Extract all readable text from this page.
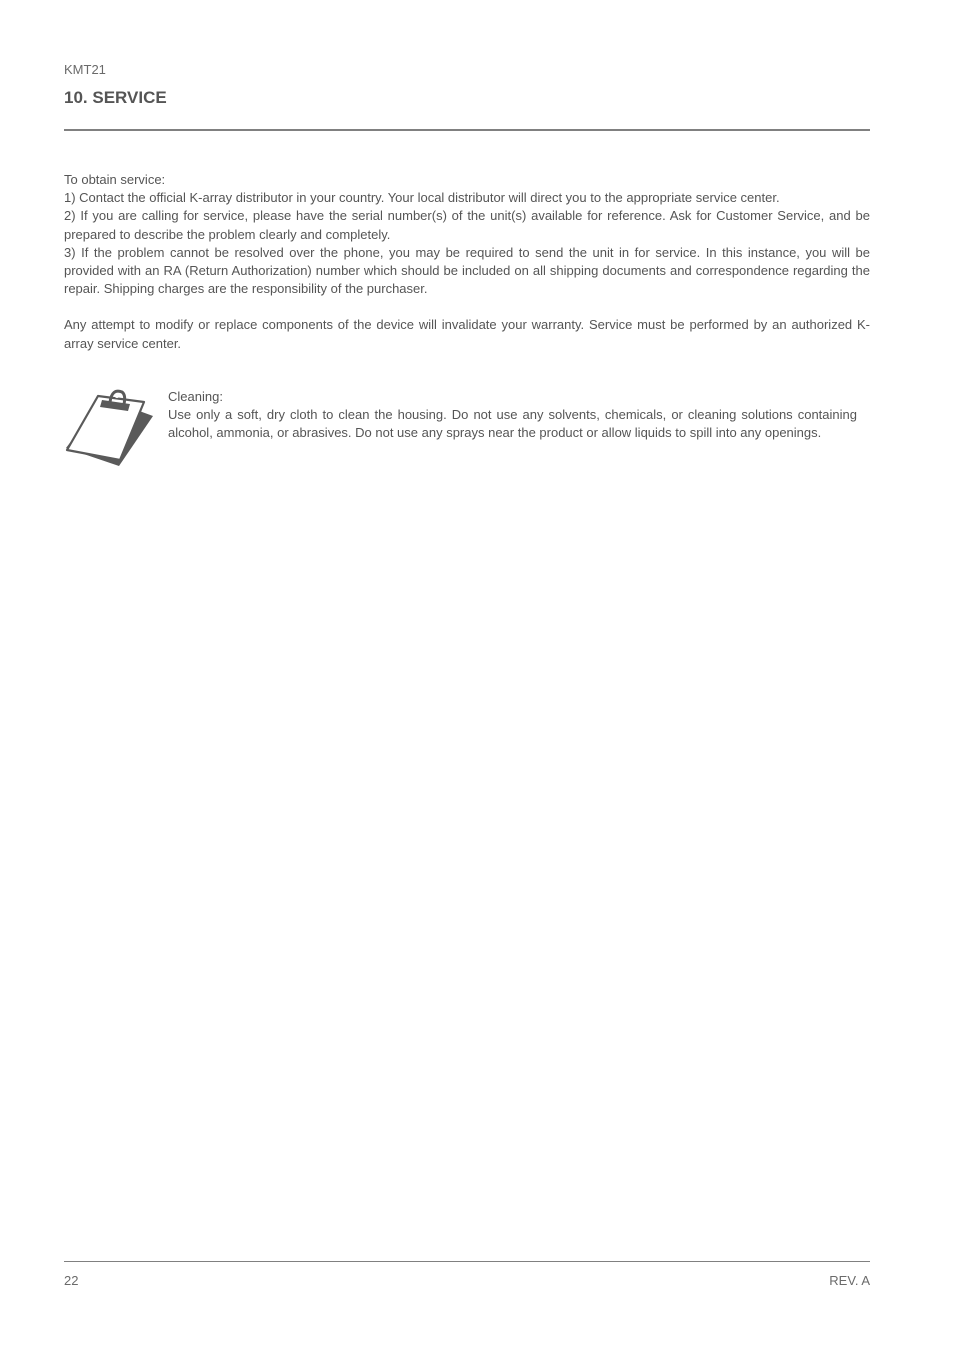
KMT21
10. SERVICE

To obtain service:

1) Contact the official K-array distributor in your country. Your local distributor will direct you to the appropriate service center.

2) If you are calling for service, please have the serial number(s) of the unit(s) available for reference. Ask for Customer Service, and be prepared to describe the problem clearly and completely.

3) If the problem cannot be resolved over the phone, you may be required to send the unit in for service. In this instance, you will be provided with an RA (Return Authorization) number which should be included on all shipping documents and correspondence regarding the repair. Shipping charges are the responsibility of the purchaser.

Any attempt to modify or replace components of the device will invalidate your warranty. Service must be performed by an authorized K-array service center.

Cleaning:

Use only a soft, dry cloth to clean the housing. Do not use any solvents, chemicals, or cleaning solutions containing alcohol, ammonia, or abrasives. Do not use any sprays near the product or allow liquids to spill into any openings.

22	REV. A
